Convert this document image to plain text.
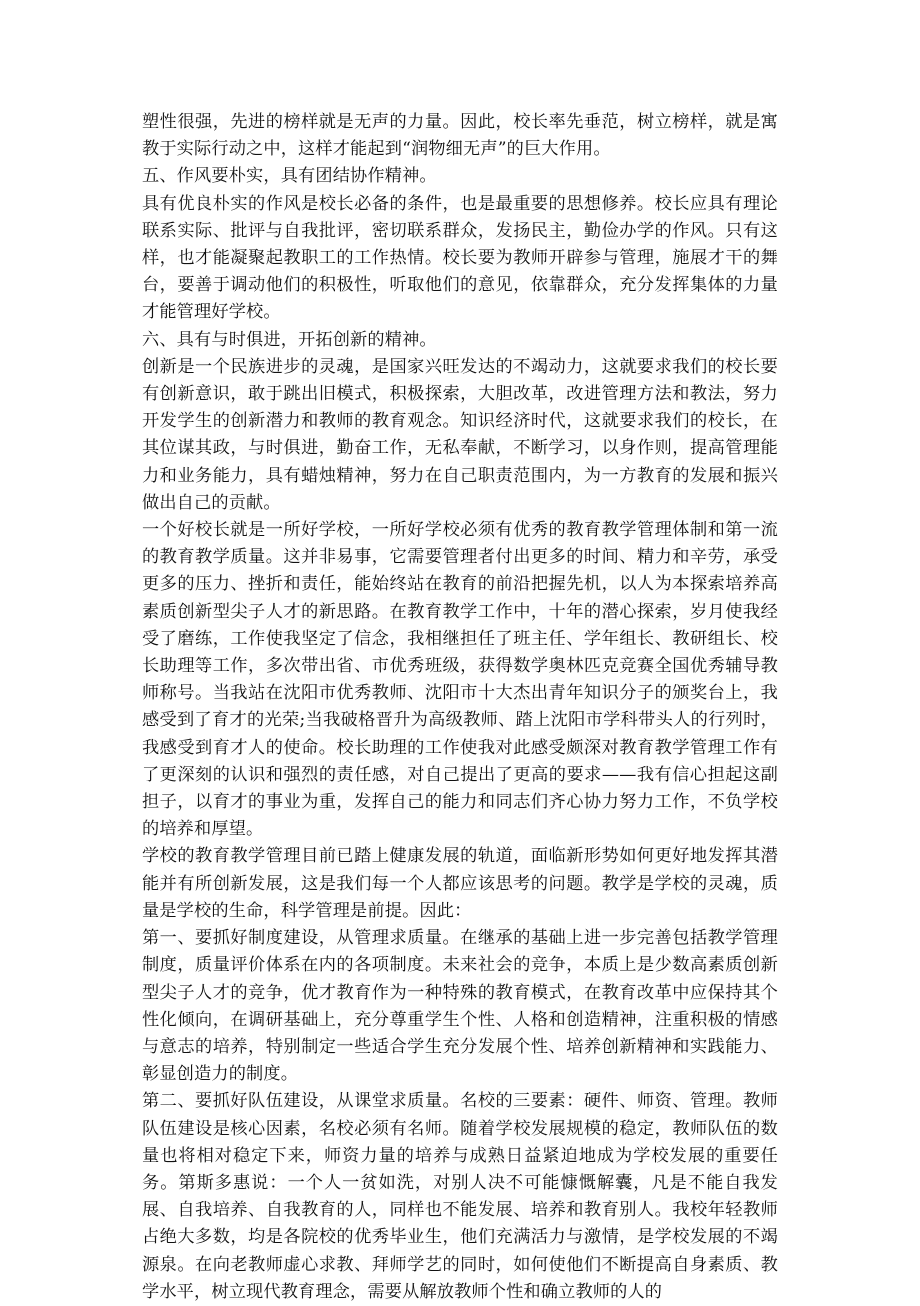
塑性很强，先进的榜样就是无声的力量。因此，校长率先垂范，树立榜样，就是寓教于实际行动之中，这样才能起到“润物细无声”的巨大作用。

五、作风要朴实，具有团结协作精神。

具有优良朴实的作风是校长必备的条件，也是最重要的思想修养。校长应具有理论联系实际、批评与自我批评，密切联系群众，发扬民主，勤俭办学的作风。只有这样，也才能凝聚起教职工的工作热情。校长要为教师开辟参与管理，施展才干的舞台，要善于调动他们的积极性，听取他们的意见，依靠群众，充分发挥集体的力量才能管理好学校。

六、具有与时俱进，开拓创新的精神。

创新是一个民族进步的灵魂，是国家兴旺发达的不竭动力，这就要求我们的校长要有创新意识，敢于跳出旧模式，积极探索，大胆改革，改进管理方法和教法，努力开发学生的创新潜力和教师的教育观念。知识经济时代，这就要求我们的校长，在其位谋其政，与时俱进，勤奋工作，无私奉献，不断学习，以身作则，提高管理能力和业务能力，具有蜡烛精神，努力在自己职责范围内，为一方教育的发展和振兴做出自己的贡献。

一个好校长就是一所好学校，一所好学校必须有优秀的教育教学管理体制和第一流的教育教学质量。这并非易事，它需要管理者付出更多的时间、精力和辛劳，承受更多的压力、挫折和责任，能始终站在教育的前沿把握先机，以人为本探索培养高素质创新型尖子人才的新思路。在教育教学工作中，十年的潜心探索，岁月使我经受了磨练，工作使我坚定了信念，我相继担任了班主任、学年组长、教研组长、校长助理等工作，多次带出省、市优秀班级，获得数学奥林匹克竞赛全国优秀辅导教师称号。当我站在沈阳市优秀教师、沈阳市十大杰出青年知识分子的颁奖台上，我感受到了育才的光荣;当我破格晋升为高级教师、踏上沈阳市学科带头人的行列时，我感受到育才人的使命。校长助理的工作使我对此感受颇深对教育教学管理工作有了更深刻的认识和强烈的责任感，对自己提出了更高的要求——我有信心担起这副担子，以育才的事业为重，发挥自己的能力和同志们齐心协力努力工作，不负学校的培养和厚望。

学校的教育教学管理目前已踏上健康发展的轨道，面临新形势如何更好地发挥其潜能并有所创新发展，这是我们每一个人都应该思考的问题。教学是学校的灵魂，质量是学校的生命，科学管理是前提。因此：

第一、要抓好制度建设，从管理求质量。在继承的基础上进一步完善包括教学管理制度，质量评价体系在内的各项制度。未来社会的竞争，本质上是少数高素质创新型尖子人才的竞争，优才教育作为一种特殊的教育模式，在教育改革中应保持其个性化倾向，在调研基础上，充分尊重学生个性、人格和创造精神，注重积极的情感与意志的培养，特别制定一些适合学生充分发展个性、培养创新精神和实践能力、彰显创造力的制度。

第二、要抓好队伍建设，从课堂求质量。名校的三要素：硬件、师资、管理。教师队伍建设是核心因素，名校必须有名师。随着学校发展规模的稳定，教师队伍的数量也将相对稳定下来，师资力量的培养与成熟日益紧迫地成为学校发展的重要任务。第斯多惠说：一个人一贫如洗，对别人决不可能慷慨解囊，凡是不能自我发展、自我培养、自我教育的人，同样也不能发展、培养和教育别人。我校年轻教师占绝大多数，均是各院校的优秀毕业生，他们充满活力与激情，是学校发展的不竭源泉。在向老教师虚心求教、拜师学艺的同时，如何使他们不断提高自身素质、教学水平，树立现代教育理念，需要从解放教师个性和确立教师的人的
